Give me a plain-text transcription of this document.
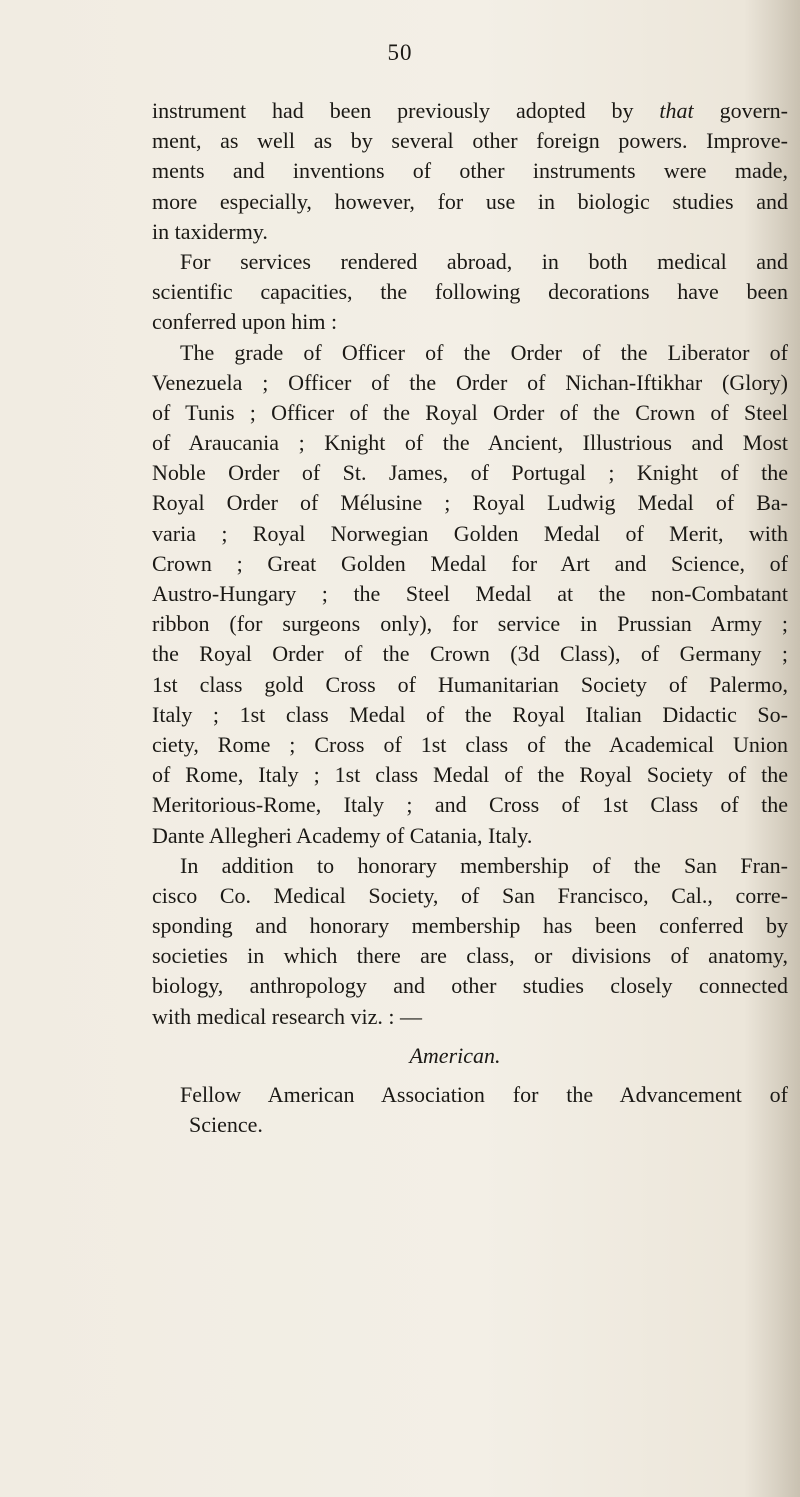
50
instrument had been previously adopted by that govern-
ment, as well as by several other foreign powers. Improve-
ments and inventions of other instruments were made,
more especially, however, for use in biologic studies and
in taxidermy.
For services rendered abroad, in both medical and
scientific capacities, the following decorations have been
conferred upon him :
The grade of Officer of the Order of the Liberator of
Venezuela ; Officer of the Order of Nichan-Iftikhar (Glory)
of Tunis ; Officer of the Royal Order of the Crown of Steel
of Araucania ; Knight of the Ancient, Illustrious and Most
Noble Order of St. James, of Portugal ; Knight of the
Royal Order of Mélusine ; Royal Ludwig Medal of Ba-
varia ; Royal Norwegian Golden Medal of Merit, with
Crown ; Great Golden Medal for Art and Science, of
Austro-Hungary ; the Steel Medal at the non-Combatant
ribbon (for surgeons only), for service in Prussian Army ;
the Royal Order of the Crown (3d Class), of Germany ;
1st class gold Cross of Humanitarian Society of Palermo,
Italy ; 1st class Medal of the Royal Italian Didactic So-
ciety, Rome ; Cross of 1st class of the Academical Union
of Rome, Italy ; 1st class Medal of the Royal Society of the
Meritorious-Rome, Italy ; and Cross of 1st Class of the
Dante Allegheri Academy of Catania, Italy.
In addition to honorary membership of the San Fran-
cisco Co. Medical Society, of San Francisco, Cal., corre-
sponding and honorary membership has been conferred by
societies in which there are class, or divisions of anatomy,
biology, anthropology and other studies closely connected
with medical research viz. : —
American.
Fellow American Association for the Advancement of
Science.
